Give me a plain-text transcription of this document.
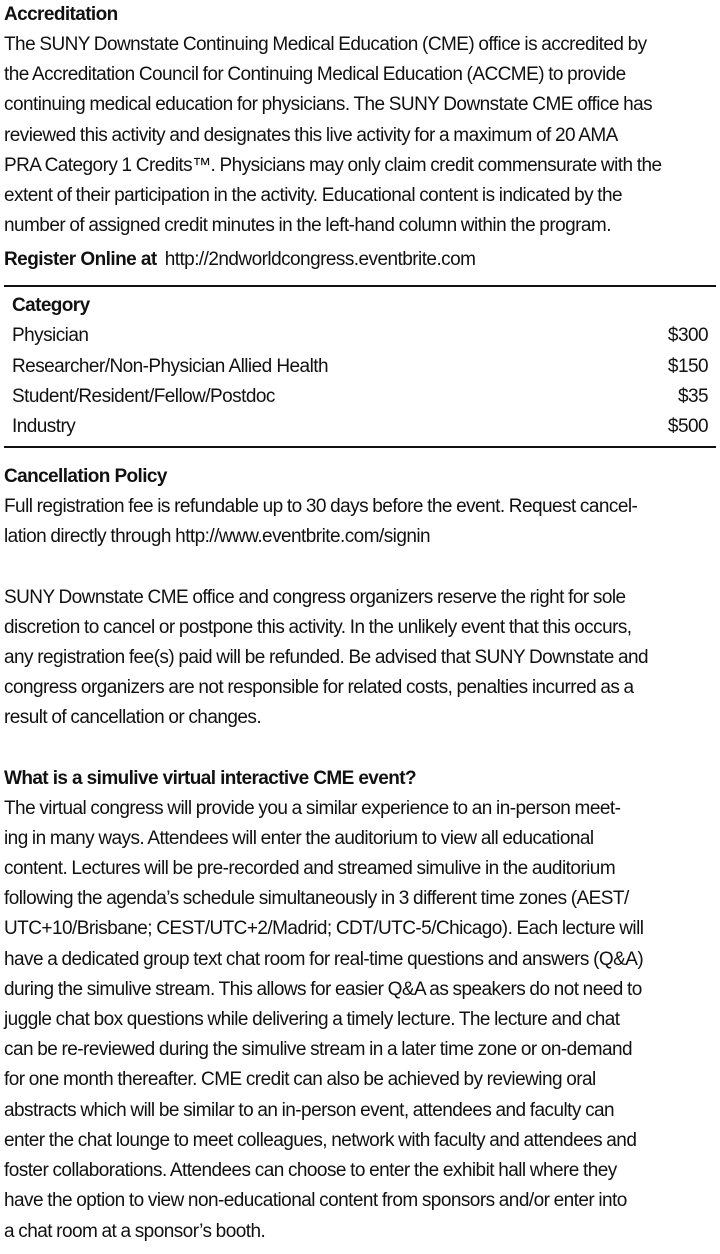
Accreditation
The SUNY Downstate Continuing Medical Education (CME) office is accredited by
the Accreditation Council for Continuing Medical Education (ACCME) to provide
continuing medical education for physicians. The SUNY Downstate CME office has
reviewed this activity and designates this live activity for a maximum of 20 AMA
PRA Category 1 Credits™. Physicians may only claim credit commensurate with the
extent of their participation in the activity. Educational content is indicated by the
number of assigned credit minutes in the left-hand column within the program.
Register Online at http://2ndworldcongress.eventbrite.com
Category
Physician	$300
Researcher/Non-Physician Allied Health	$150
Student/Resident/Fellow/Postdoc	$35
Industry	$500
Cancellation Policy
Full registration fee is refundable up to 30 days before the event. Request cancel-
lation directly through http://www.eventbrite.com/signin
SUNY Downstate CME office and congress organizers reserve the right for sole
discretion to cancel or postpone this activity. In the unlikely event that this occurs,
any registration fee(s) paid will be refunded. Be advised that SUNY Downstate and
congress organizers are not responsible for related costs, penalties incurred as a
result of cancellation or changes.
What is a simulive virtual interactive CME event?
The virtual congress will provide you a similar experience to an in-person meet-
ing in many ways. Attendees will enter the auditorium to view all educational
content. Lectures will be pre-recorded and streamed simulive in the auditorium
following the agenda’s schedule simultaneously in 3 different time zones (AEST/
UTC+10/Brisbane; CEST/UTC+2/Madrid; CDT/UTC-5/Chicago). Each lecture will
have a dedicated group text chat room for real-time questions and answers (Q&A)
during the simulive stream. This allows for easier Q&A as speakers do not need to
juggle chat box questions while delivering a timely lecture. The lecture and chat
can be re-reviewed during the simulive stream in a later time zone or on-demand
for one month thereafter. CME credit can also be achieved by reviewing oral
abstracts which will be similar to an in-person event, attendees and faculty can
enter the chat lounge to meet colleagues, network with faculty and attendees and
foster collaborations. Attendees can choose to enter the exhibit hall where they
have the option to view non-educational content from sponsors and/or enter into
a chat room at a sponsor’s booth.
